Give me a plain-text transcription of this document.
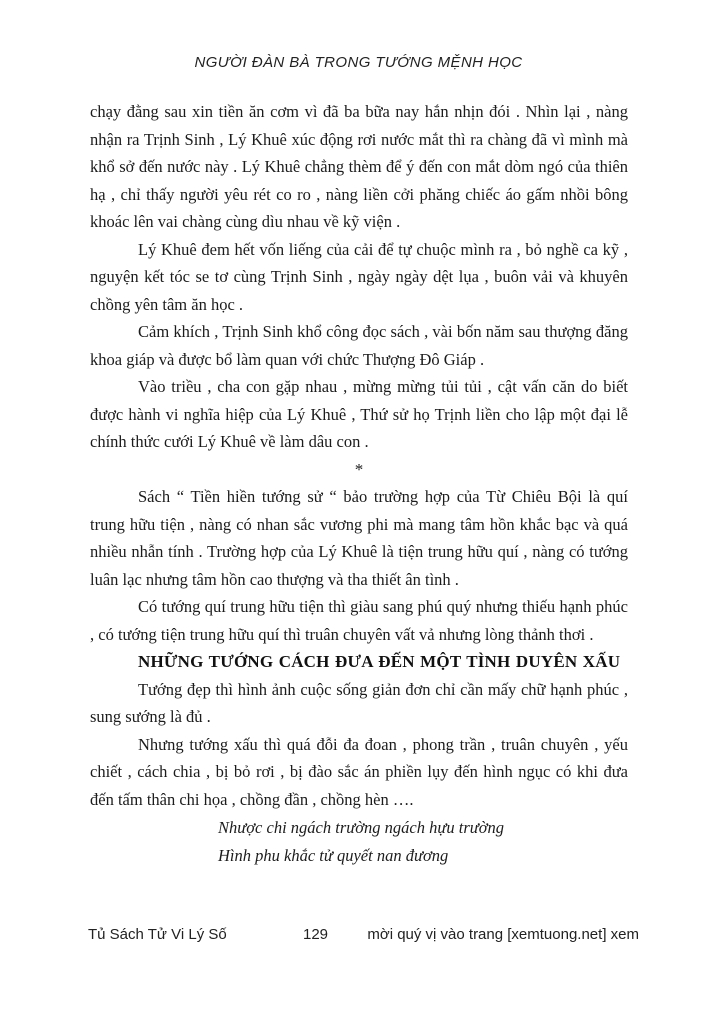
NGƯỜI ĐÀN BÀ TRONG TƯỚNG MỆNH HỌC

chạy đằng sau xin tiền ăn cơm vì đã ba bữa nay hắn nhịn đói . Nhìn lại , nàng nhận ra Trịnh Sinh , Lý Khuê xúc động rơi nước mắt thì ra chàng đã vì mình mà khổ sở đến nước này . Lý Khuê chẳng thèm để ý đến con mắt dòm ngó của thiên hạ , chỉ thấy người yêu rét co ro , nàng liền cởi phăng chiếc áo gấm nhồi bông khoác lên vai chàng cùng dìu nhau về kỹ viện .

Lý Khuê đem hết vốn liếng của cải để tự chuộc mình ra , bỏ nghề ca kỹ , nguyện kết tóc se tơ cùng Trịnh Sinh , ngày ngày dệt lụa , buôn vải và khuyên chồng yên tâm ăn học .

Cảm khích , Trịnh Sinh khổ công đọc sách , vài bốn năm sau thượng đăng khoa giáp và được bổ làm quan với chức Thượng Đô Giáp .

Vào triều , cha con gặp nhau , mừng mừng tủi tủi , cật vấn căn do biết được hành vi nghĩa hiệp của Lý Khuê , Thứ sử họ Trịnh liền cho lập một đại lễ chính thức cưới Lý Khuê về làm dâu con .

*

Sách “ Tiền hiền tướng sử “ bảo trường hợp của Từ Chiêu Bội là quí trung hữu tiện , nàng có nhan sắc vương phi mà mang tâm hồn khắc bạc và quá nhiều nhẫn tính . Trường hợp của Lý Khuê là tiện trung hữu quí , nàng có tướng luân lạc nhưng tâm hồn cao thượng và tha thiết ân tình .

Có tướng quí trung hữu tiện thì giàu sang phú quý nhưng thiếu hạnh phúc , có tướng tiện trung hữu quí thì truân chuyên vất vả nhưng lòng thảnh thơi .

NHỮNG TƯỚNG CÁCH ĐƯA ĐẾN MỘT TÌNH DUYÊN XẤU

Tướng đẹp thì hình ảnh cuộc sống giản đơn chỉ cần mấy chữ hạnh phúc , sung sướng là đủ .

Nhưng tướng xấu thì quá đỗi đa đoan , phong trần , truân chuyên , yếu chiết , cách chia , bị bỏ rơi , bị đào sắc án phiền lụy đến hình ngục có khi đưa đến tấm thân chi họa , chồng đần , chồng hèn ….

Nhược chi ngách trường ngách hựu trường
Hình phu khắc tử quyết nan đương
129
Tủ Sách Tử Vi Lý Số	mời quý vị vào trang [xemtuong.net] xem
